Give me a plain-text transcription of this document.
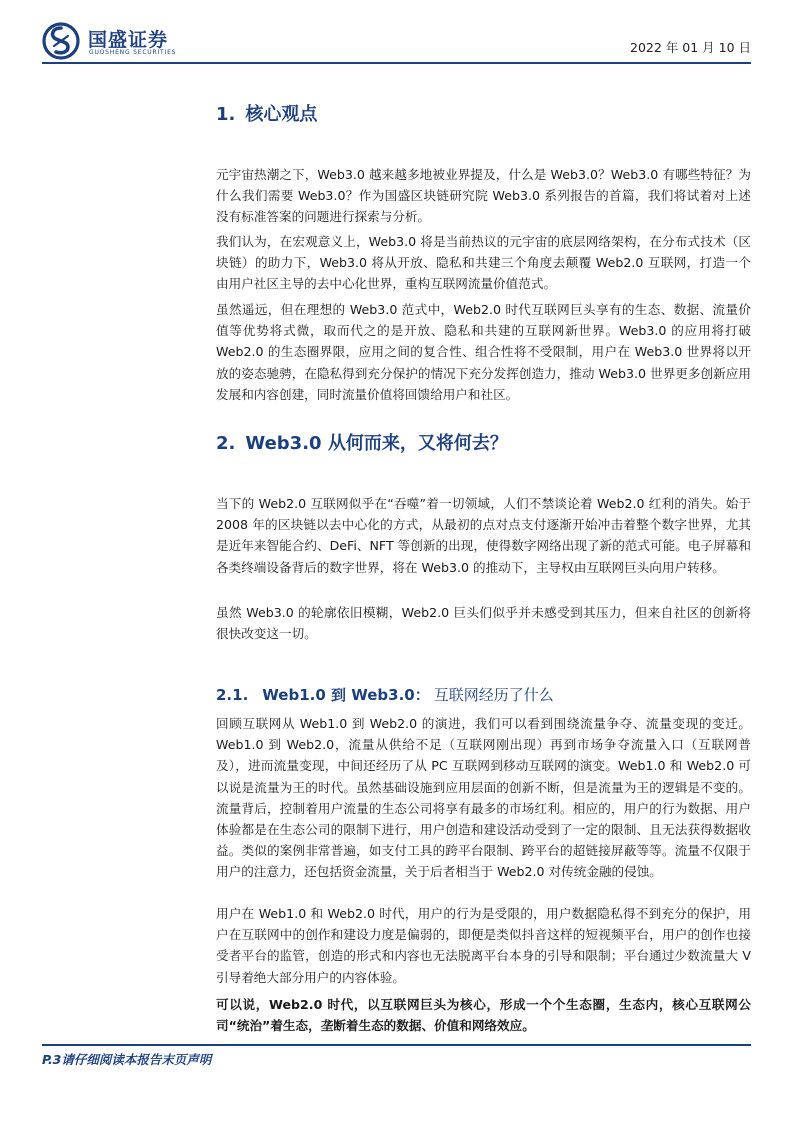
国盛证券
GUOSHENG SECURITIES	2022 年 01 月 10 日
1. 核心观点
元宇宙热潮之下，Web3.0 越来越多地被业界提及，什么是 Web3.0？Web3.0 有哪些特征？为什么我们需要 Web3.0？作为国盛区块链研究院 Web3.0 系列报告的首篇，我们将试着对上述没有标准答案的问题进行探索与分析。
我们认为，在宏观意义上，Web3.0 将是当前热议的元宇宙的底层网络架构，在分布式技术（区块链）的助力下，Web3.0 将从开放、隐私和共建三个角度去颠覆 Web2.0 互联网，打造一个由用户社区主导的去中心化世界，重构互联网流量价值范式。
虽然遥远，但在理想的 Web3.0 范式中，Web2.0 时代互联网巨头享有的生态、数据、流量价值等优势将式微，取而代之的是开放、隐私和共建的互联网新世界。Web3.0 的应用将打破 Web2.0 的生态圈界限，应用之间的复合性、组合性将不受限制，用户在 Web3.0 世界将以开放的姿态驰骋，在隐私得到充分保护的情况下充分发挥创造力，推动 Web3.0 世界更多创新应用发展和内容创建，同时流量价值将回馈给用户和社区。
2. Web3.0 从何而来，又将何去？
当下的 Web2.0 互联网似乎在“吞噬”着一切领域，人们不禁谈论着 Web2.0 红利的消失。始于 2008 年的区块链以去中心化的方式，从最初的点对点支付逐渐开始冲击着整个数字世界，尤其是近年来智能合约、DeFi、NFT 等创新的出现，使得数字网络出现了新的范式可能。电子屏幕和各类终端设备背后的数字世界，将在 Web3.0 的推动下，主导权由互联网巨头向用户转移。
虽然 Web3.0 的轮廓依旧模糊，Web2.0 巨头们似乎并未感受到其压力，但来自社区的创新将很快改变这一切。
2.1. Web1.0 到 Web3.0： 互联网经历了什么
回顾互联网从 Web1.0 到 Web2.0 的演进，我们可以看到围绕流量争夺、流量变现的变迁。Web1.0 到 Web2.0，流量从供给不足（互联网刚出现）再到市场争夺流量入口（互联网普及），进而流量变现，中间还经历了从 PC 互联网到移动互联网的演变。Web1.0 和 Web2.0 可以说是流量为王的时代。虽然基础设施到应用层面的创新不断，但是流量为王的逻辑是不变的。流量背后，控制着用户流量的生态公司将享有最多的市场红利。相应的，用户的行为数据、用户体验都是在生态公司的限制下进行，用户创造和建设活动受到了一定的限制、且无法获得数据收益。类似的案例非常普遍，如支付工具的跨平台限制、跨平台的超链接屏蔽等等。流量不仅限于用户的注意力，还包括资金流量，关于后者相当于 Web2.0 对传统金融的侵蚀。
用户在 Web1.0 和 Web2.0 时代，用户的行为是受限的，用户数据隐私得不到充分的保护，用户在互联网中的创作和建设力度是偏弱的，即便是类似抖音这样的短视频平台，用户的创作也接受者平台的监管，创造的形式和内容也无法脱离平台本身的引导和限制；平台通过少数流量大 V 引导着绝大部分用户的内容体验。
可以说，Web2.0 时代，以互联网巨头为核心，形成一个个生态圈，生态内，核心互联网公司“统治”着生态，垄断着生态的数据、价值和网络效应。
P.3请仔细阅读本报告末页声明
